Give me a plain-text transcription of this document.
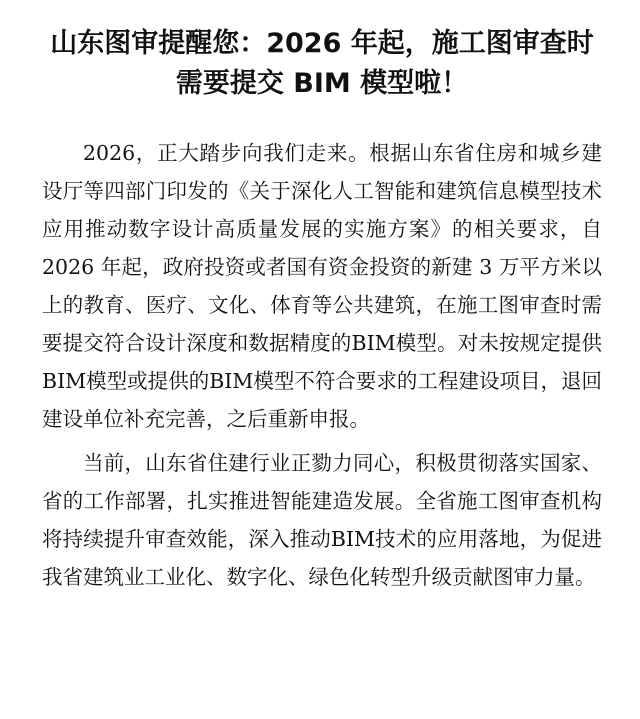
山东图审提醒您：2026 年起，施工图审查时
需要提交 BIM 模型啦！

2026，正大踏步向我们走来。根据山东省住房和城乡建设厅等四部门印发的《关于深化人工智能和建筑信息模型技术应用推动数字设计高质量发展的实施方案》的相关要求，自 2026 年起，政府投资或者国有资金投资的新建 3 万平方米以上的教育、医疗、文化、体育等公共建筑，在施工图审查时需要提交符合设计深度和数据精度的BIM模型。对未按规定提供BIM模型或提供的BIM模型不符合要求的工程建设项目，退回建设单位补充完善，之后重新申报。

当前，山东省住建行业正勠力同心，积极贯彻落实国家、省的工作部署，扎实推进智能建造发展。全省施工图审查机构将持续提升审查效能，深入推动BIM技术的应用落地，为促进我省建筑业工业化、数字化、绿色化转型升级贡献图审力量。
